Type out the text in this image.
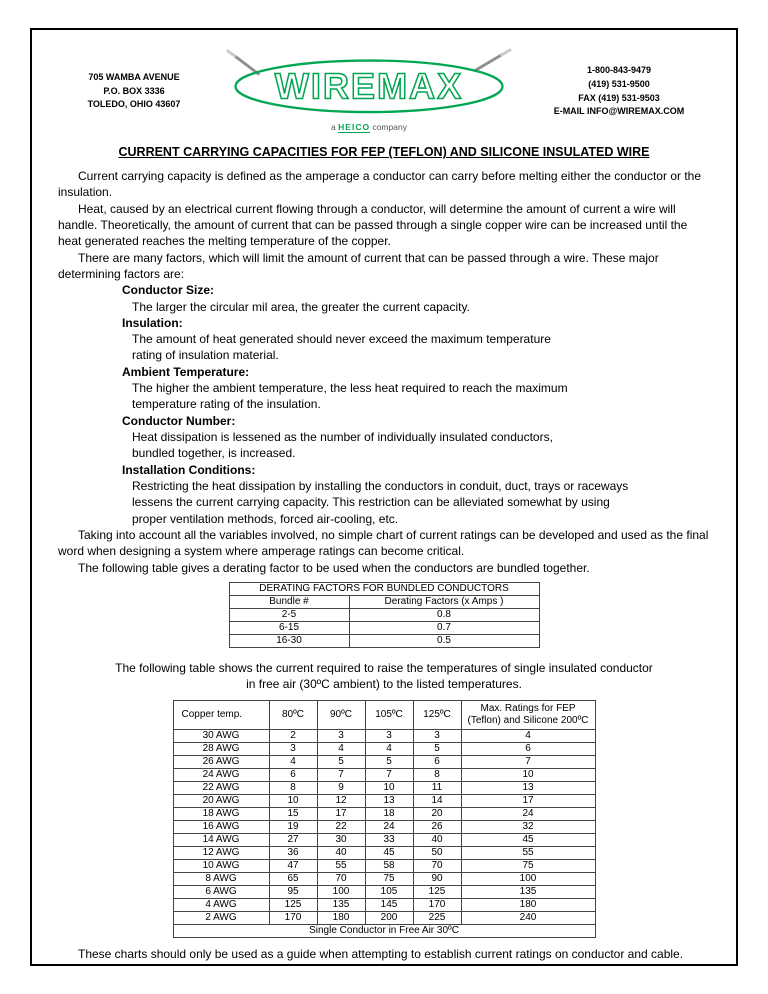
705 WAMBA AVENUE
P.O. BOX 3336
TOLEDO, OHIO 43607	WIREMAX
a HEICO company
1-800-843-9479
(419) 531-9500
FAX (419) 531-9503
E-MAIL INFO@WIREMAX.COM
CURRENT CARRYING CAPACITIES FOR FEP (TEFLON) AND SILICONE INSULATED WIRE
Current carrying capacity is defined as the amperage a conductor can carry before melting either the conductor or the insulation.
Heat, caused by an electrical current flowing through a conductor, will determine the amount of current a wire will handle. Theoretically, the amount of current that can be passed through a single copper wire can be increased until the heat generated reaches the melting temperature of the copper.
There are many factors, which will limit the amount of current that can be passed through a wire. These major determining factors are:
Conductor Size:
The larger the circular mil area, the greater the current capacity.
Insulation:
The amount of heat generated should never exceed the maximum temperature
rating of insulation material.
Ambient Temperature:
The higher the ambient temperature, the less heat required to reach the maximum
temperature rating of the insulation.
Conductor Number:
Heat dissipation is lessened as the number of individually insulated conductors,
bundled together, is increased.
Installation Conditions:
Restricting the heat dissipation by installing the conductors in conduit, duct, trays or raceways
lessens the current carrying capacity. This restriction can be alleviated somewhat by using
proper ventilation methods, forced air-cooling, etc.
Taking into account all the variables involved, no simple chart of current ratings can be developed and used as the final word when designing a system where amperage ratings can become critical.
The following table gives a derating factor to be used when the conductors are bundled together.
DERATING FACTORS FOR BUNDLED CONDUCTORS	
Bundle #	Derating Factors (x Amps )
2-5	0.8
6-15	0.7
16-30	0.5
The following table shows the current required to raise the temperatures of single insulated conductor in free air (30ºC ambient) to the listed temperatures.
Copper temp.	80ºC	90ºC	105ºC	125ºC	Max. Ratings for FEP (Teflon) and Silicone 200ºC
30 AWG	2	3	3	3	4
28 AWG	3	4	4	5	6
26 AWG	4	5	5	6	7
24 AWG	6	7	7	8	10
22 AWG	8	9	10	11	13
20 AWG	10	12	13	14	17
18 AWG	15	17	18	20	24
16 AWG	19	22	24	26	32
14 AWG	27	30	33	40	45
12 AWG	36	40	45	50	55
10 AWG	47	55	58	70	75
8 AWG	65	70	75	90	100
6 AWG	95	100	105	125	135
4 AWG	125	135	145	170	180
2 AWG	170	180	200	225	240
Single Conductor in Free Air 30ºC					
These charts should only be used as a guide when attempting to establish current ratings on conductor and cable.
